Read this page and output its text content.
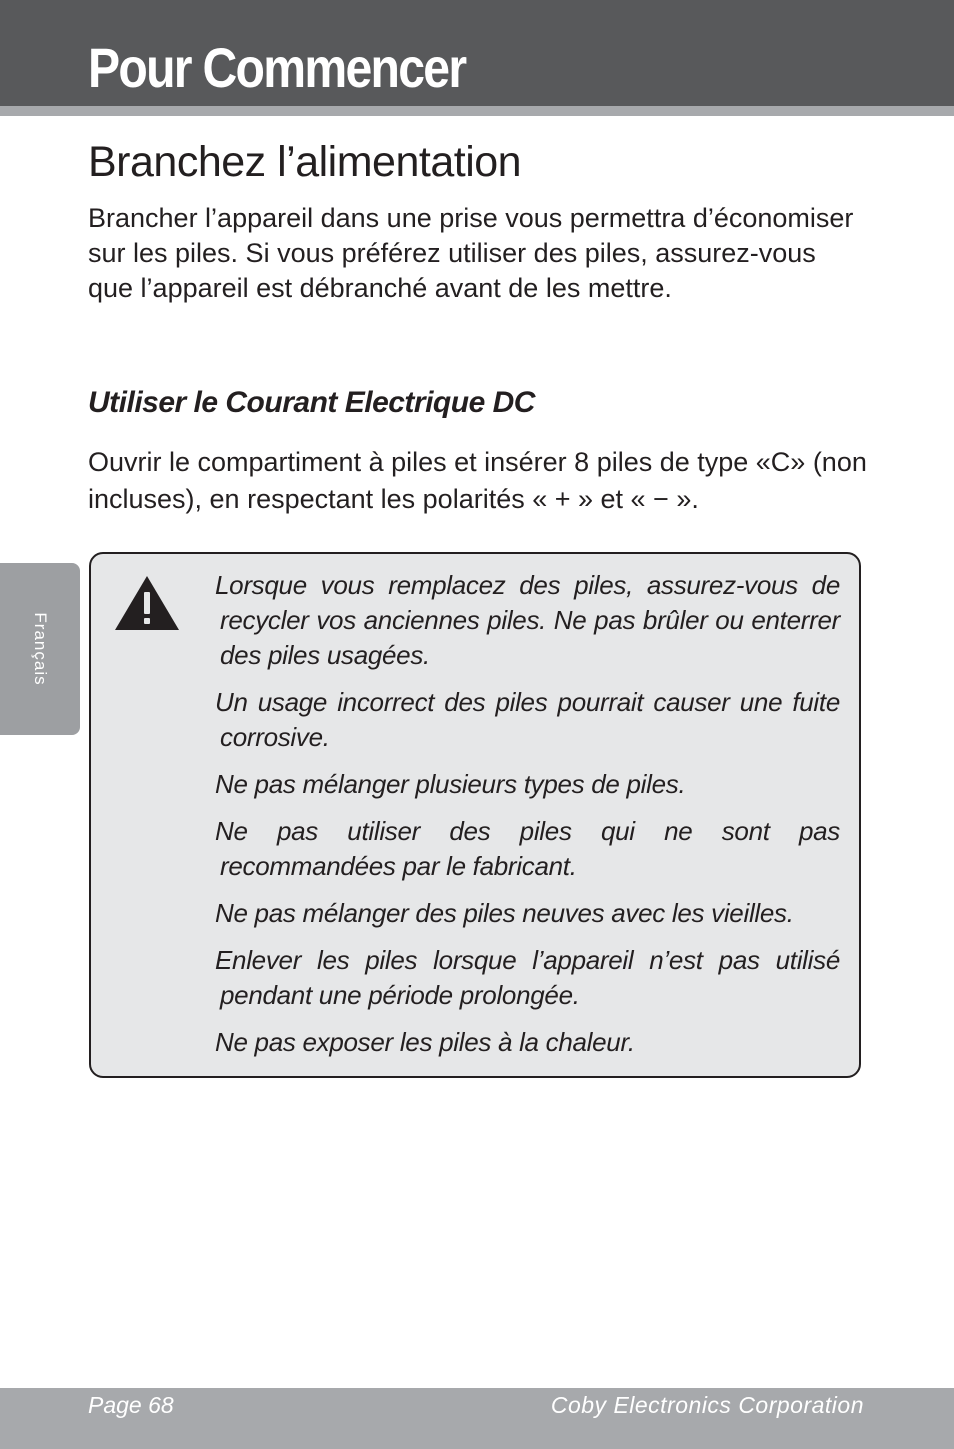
Pour Commencer
Français
Branchez l’alimentation

Brancher l’appareil dans une prise vous permettra d’économiser sur les piles. Si vous préférez utiliser des piles, assurez-vous que l’appareil est débranché avant de les mettre.

Utiliser le Courant Electrique DC

Ouvrir le compartiment à piles et insérer 8 piles de type «C» (non incluses), en respectant les polarités « + » et « − ».

Lorsque vous remplacez des piles, assurez-vous de recycler vos anciennes piles. Ne pas brûler ou enterrer des piles usagées.
Un usage incorrect des piles pourrait causer une fuite corrosive.
Ne pas mélanger plusieurs types de piles.
Ne pas utiliser des piles qui ne sont pas recommandées par le fabricant.
Ne pas mélanger des piles neuves avec les vieilles.
Enlever les piles lorsque l’appareil n’est pas utilisé pendant une période prolongée.
Ne pas exposer les piles à la chaleur.
Page 68	Coby Electronics Corporation
